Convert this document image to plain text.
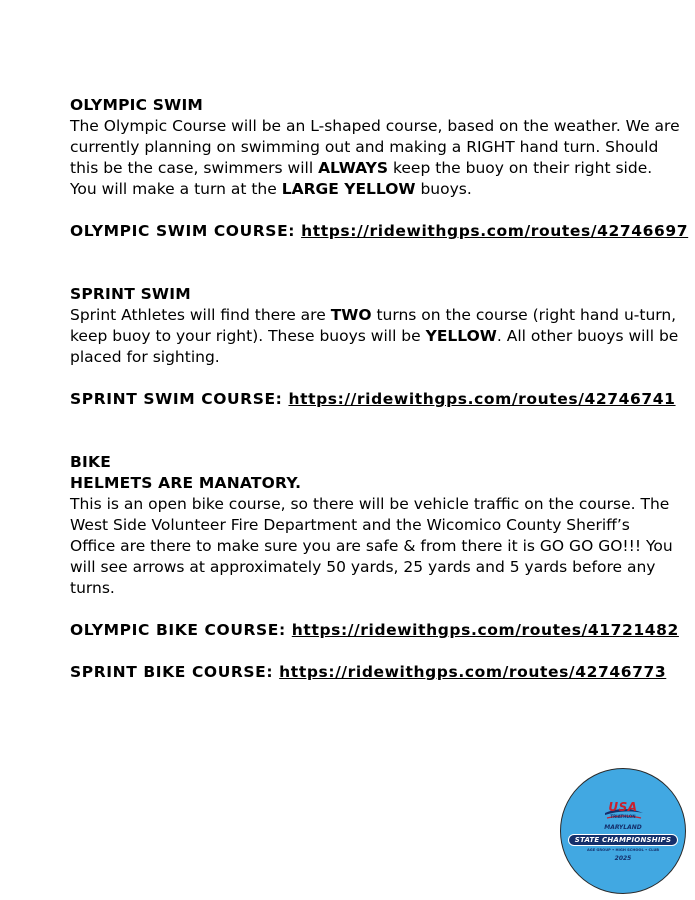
OLYMPIC SWIM

The Olympic Course will be an L-shaped course, based on the weather. We are currently planning on swimming out and making a RIGHT hand turn. Should this be the case, swimmers will ALWAYS keep the buoy on their right side. You will make a turn at the LARGE YELLOW buoys.

OLYMPIC SWIM COURSE: https://ridewithgps.com/routes/42746697
SPRINT SWIM

Sprint Athletes will find there are TWO turns on the course (right hand u-turn, keep buoy to your right). These buoys will be YELLOW. All other buoys will be placed for sighting.

SPRINT SWIM COURSE: https://ridewithgps.com/routes/42746741
BIKE
HELMETS ARE MANATORY.

This is an open bike course, so there will be vehicle traffic on the course. The West Side Volunteer Fire Department and the Wicomico County Sheriff’s Office are there to make sure you are safe & from there it is GO GO GO!!! You will see arrows at approximately 50 yards, 25 yards and 5 yards before any turns.

OLYMPIC BIKE COURSE: https://ridewithgps.com/routes/41721482
SPRINT BIKE COURSE: https://ridewithgps.com/routes/42746773
USA
TRIATHLON
MARYLAND
STATE CHAMPIONSHIPS
AGE GROUP • HIGH SCHOOL • CLUB
2025
